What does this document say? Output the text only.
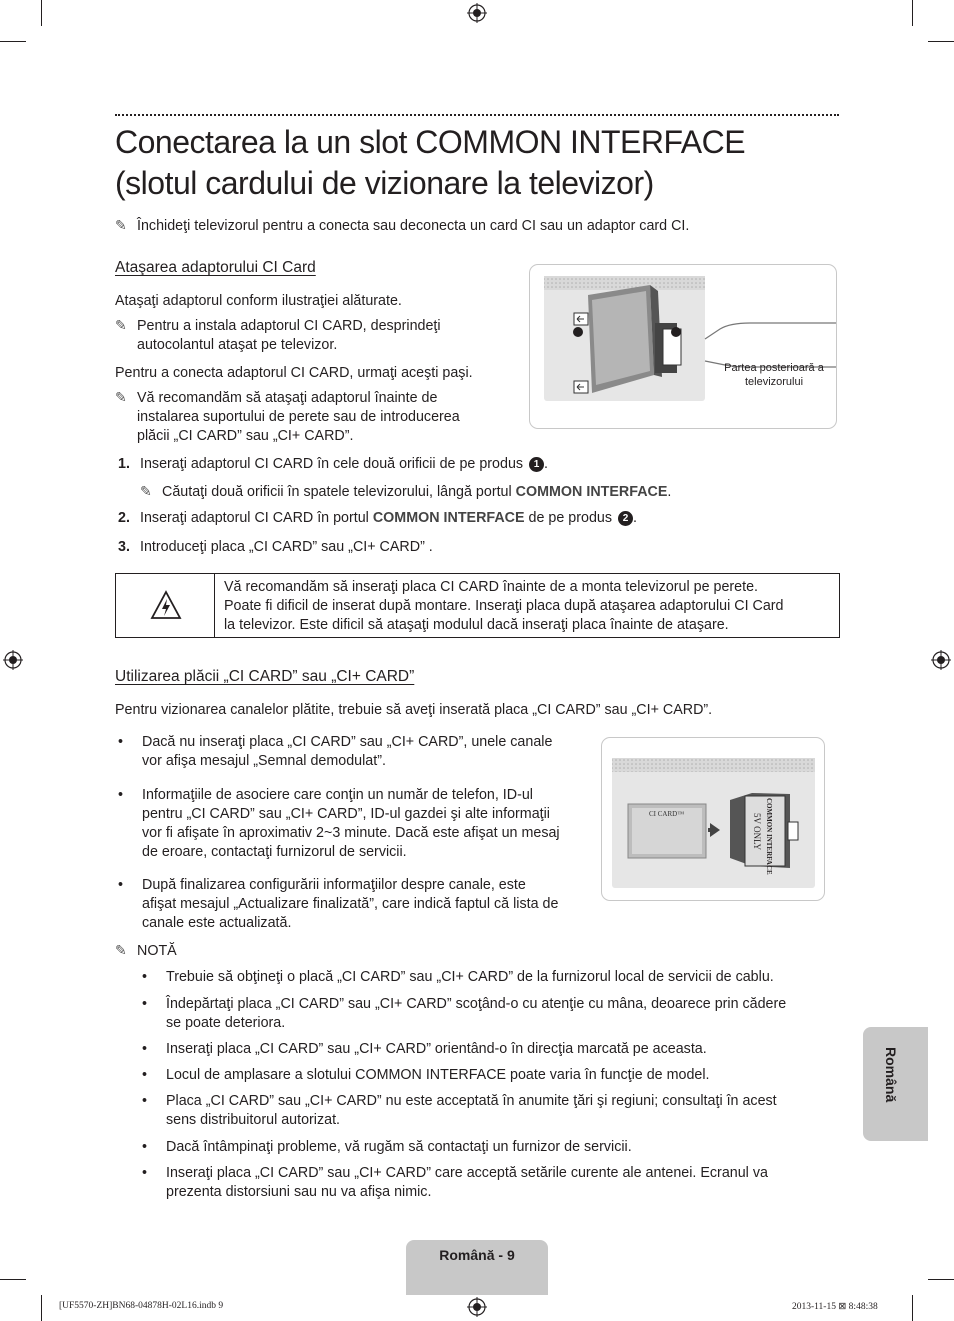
Conectarea la un slot COMMON INTERFACE
(slotul cardului de vizionare la televizor)
✎ Închideţi televizorul pentru a conecta sau deconecta un card CI sau un adaptor card CI.
Ataşarea adaptorului CI Card
Ataşaţi adaptorul conform ilustraţiei alăturate.
✎ Pentru a instala adaptorul CI CARD, desprindeţi
autocolantul ataşat pe televizor.
Pentru a conecta adaptorul CI CARD, urmaţi aceşti paşi.
✎ Vă recomandăm să ataşaţi adaptorul înainte de
instalarea suportului de perete sau de introducerea
plăcii „CI CARD” sau „CI+ CARD”.
Partea posterioară a
televizorului
1. Inseraţi adaptorul CI CARD în cele două orificii de pe produs 1 .
✎ Căutaţi două orificii în spatele televizorului, lângă portul COMMON INTERFACE.
2. Inseraţi adaptorul CI CARD în portul COMMON INTERFACE de pe produs 2 .
3. Introduceţi placa „CI CARD” sau „CI+ CARD” .
Vă recomandăm să inseraţi placa CI CARD înainte de a monta televizorul pe perete.
Poate fi dificil de inserat după montare. Inseraţi placa după ataşarea adaptorului CI Card
la televizor. Este dificil să ataşaţi modulul dacă inseraţi placa înainte de ataşare.
Utilizarea plăcii „CI CARD” sau „CI+ CARD”
Pentru vizionarea canalelor plătite, trebuie să aveţi inserată placa „CI CARD” sau „CI+ CARD”.
• Dacă nu inseraţi placa „CI CARD” sau „CI+ CARD”, unele canale
vor afişa mesajul „Semnal demodulat”.
• Informaţiile de asociere care conţin un număr de telefon, ID-ul
pentru „CI CARD” sau „CI+ CARD”, ID-ul gazdei şi alte informaţii
vor fi afişate în aproximativ 2~3 minute. Dacă este afişat un mesaj
de eroare, contactaţi furnizorul de servicii.
• După finalizarea configurării informaţiilor despre canale, este
afişat mesajul „Actualizare finalizată”, care indică faptul că lista de
canale este actualizată.
CI CARD™	COMMON INTERFACE
5V ONLY
✎ NOTĂ
• Trebuie să obţineţi o placă „CI CARD” sau „CI+ CARD” de la furnizorul local de servicii de cablu.
• Îndepărtaţi placa „CI CARD” sau „CI+ CARD” scoţând-o cu atenţie cu mâna, deoarece prin cădere
se poate deteriora.
• Inseraţi placa „CI CARD” sau „CI+ CARD” orientând-o în direcţia marcată pe aceasta.
• Locul de amplasare a slotului COMMON INTERFACE poate varia în funcţie de model.
• Placa „CI CARD” sau „CI+ CARD” nu este acceptată în anumite ţări şi regiuni; consultaţi în acest
sens distribuitorul autorizat.
• Dacă întâmpinaţi probleme, vă rugăm să contactaţi un furnizor de servicii.
• Inseraţi placa „CI CARD” sau „CI+ CARD” care acceptă setările curente ale antenei. Ecranul va
prezenta distorsiuni sau nu va afişa nimic.
Română
Română - 9
[UF5570-ZH]BN68-04878H-02L16.indb 9	2013-11-15 ⊠ 8:48:38
